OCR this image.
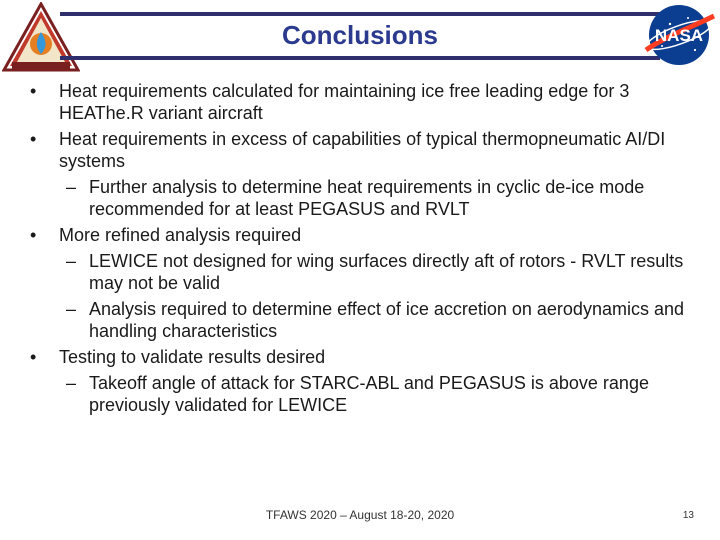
Conclusions	NASA
•	Heat requirements calculated for maintaining ice free leading edge for 3 HEAThe.R variant aircraft
•	Heat requirements in excess of capabilities of typical thermopneumatic AI/DI systems
– Further analysis to determine heat requirements in cyclic de-ice mode recommended for at least PEGASUS and RVLT
•	More refined analysis required
– LEWICE not designed for wing surfaces directly aft of rotors - RVLT results may not be valid
– Analysis required to determine effect of ice accretion on aerodynamics and handling characteristics
•	Testing to validate results desired
– Takeoff angle of attack for STARC-ABL and PEGASUS is above range previously validated for LEWICE
TFAWS 2020 – August 18-20, 2020	13
